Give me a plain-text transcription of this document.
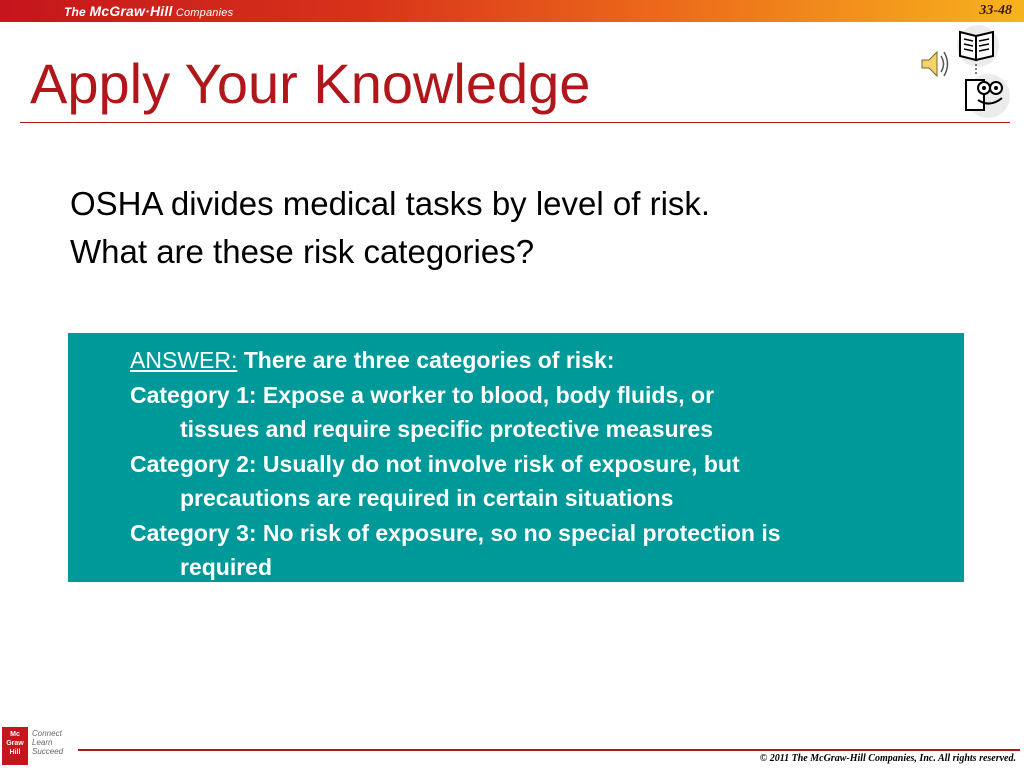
The McGraw·Hill Companies	33-48
Apply Your Knowledge
OSHA divides medical tasks by level of risk.
What are these risk categories?
ANSWER: There are three categories of risk:
Category 1: Expose a worker to blood, body fluids, or
tissues and require specific protective measures
Category 2: Usually do not involve risk of exposure, but
precautions are required in certain situations
Category 3: No risk of exposure, so no special protection is
required
Mc
Graw
Hill
Connect
Learn
Succeed
© 2011 The McGraw-Hill Companies, Inc. All rights reserved.
